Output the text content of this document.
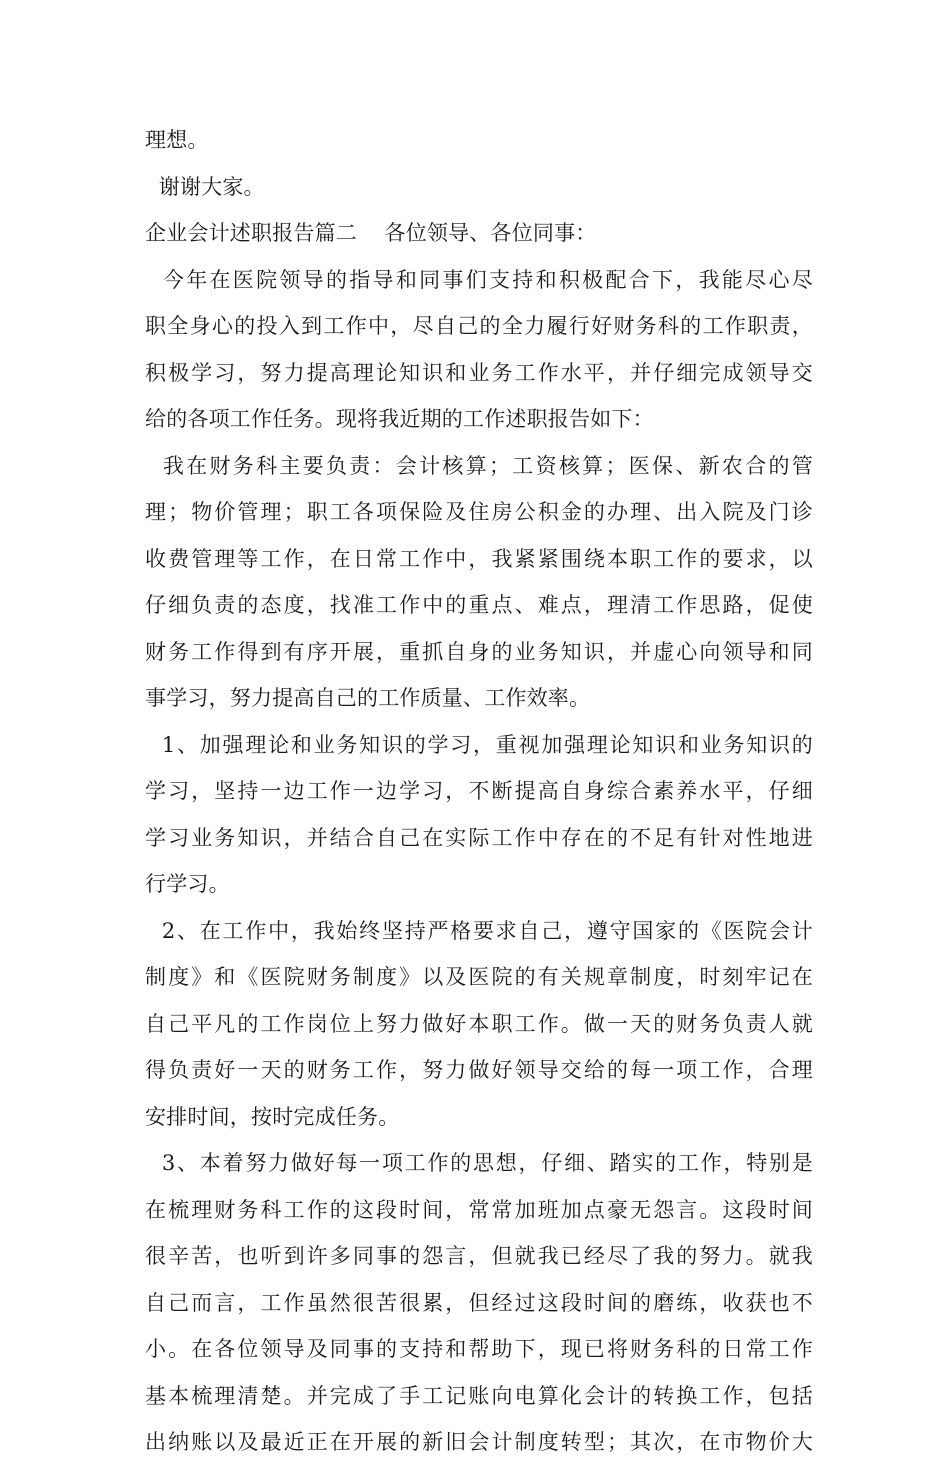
理想。
谢谢大家。
企业会计述职报告篇二    各位领导、各位同事：
今年在医院领导的指导和同事们支持和积极配合下，我能尽心尽
职全身心的投入到工作中，尽自己的全力履行好财务科的工作职责，
积极学习，努力提高理论知识和业务工作水平，并仔细完成领导交
给的各项工作任务。现将我近期的工作述职报告如下：
我在财务科主要负责：会计核算；工资核算；医保、新农合的管
理；物价管理；职工各项保险及住房公积金的办理、出入院及门诊
收费管理等工作，在日常工作中，我紧紧围绕本职工作的要求，以
仔细负责的态度，找准工作中的重点、难点，理清工作思路，促使
财务工作得到有序开展，重抓自身的业务知识，并虚心向领导和同
事学习，努力提高自己的工作质量、工作效率。
1、加强理论和业务知识的学习，重视加强理论知识和业务知识的
学习，坚持一边工作一边学习，不断提高自身综合素养水平，仔细
学习业务知识，并结合自己在实际工作中存在的不足有针对性地进
行学习。
2、在工作中，我始终坚持严格要求自己，遵守国家的《医院会计
制度》和《医院财务制度》以及医院的有关规章制度，时刻牢记在
自己平凡的工作岗位上努力做好本职工作。做一天的财务负责人就
得负责好一天的财务工作，努力做好领导交给的每一项工作，合理
安排时间，按时完成任务。
3、本着努力做好每一项工作的思想，仔细、踏实的工作，特别是
在梳理财务科工作的这段时间，常常加班加点豪无怨言。这段时间
很辛苦，也听到许多同事的怨言，但就我已经尽了我的努力。就我
自己而言，工作虽然很苦很累，但经过这段时间的磨练，收获也不
小。在各位领导及同事的支持和帮助下，现已将财务科的日常工作
基本梳理清楚。并完成了手工记账向电算化会计的转换工作，包括
出纳账以及最近正在开展的新旧会计制度转型；其次，在市物价大
